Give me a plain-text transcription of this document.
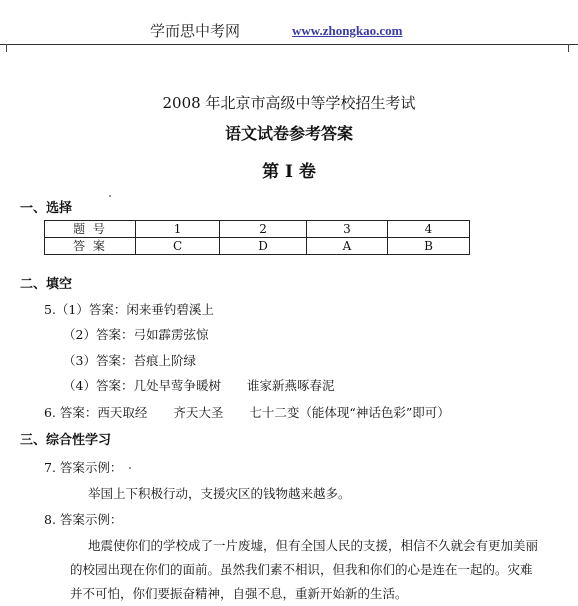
学而思中考网	www.zhongkao.com
2008 年北京市高级中等学校招生考试
语文试卷参考答案
第 I 卷
一、选择
题 号	1	2	3	4
答 案	C	D	A	B
二、填空
5.（1）答案：闲来垂钓碧溪上
（2）答案：弓如霹雳弦惊
（3）答案：苔痕上阶绿
（4）答案：几处早莺争暖树 谁家新燕啄春泥
6. 答案：西天取经 齐天大圣 七十二变（能体现“神话色彩”即可）
三、综合性学习
7. 答案示例：
举国上下积极行动，支援灾区的钱物越来越多。
8. 答案示例：
地震使你们的学校成了一片废墟，但有全国人民的支援，相信不久就会有更加美丽的校园出现在你们的面前。虽然我们素不相识，但我和你们的心是连在一起的。灾难并不可怕，你们要振奋精神，自强不息，重新开始新的生活。
